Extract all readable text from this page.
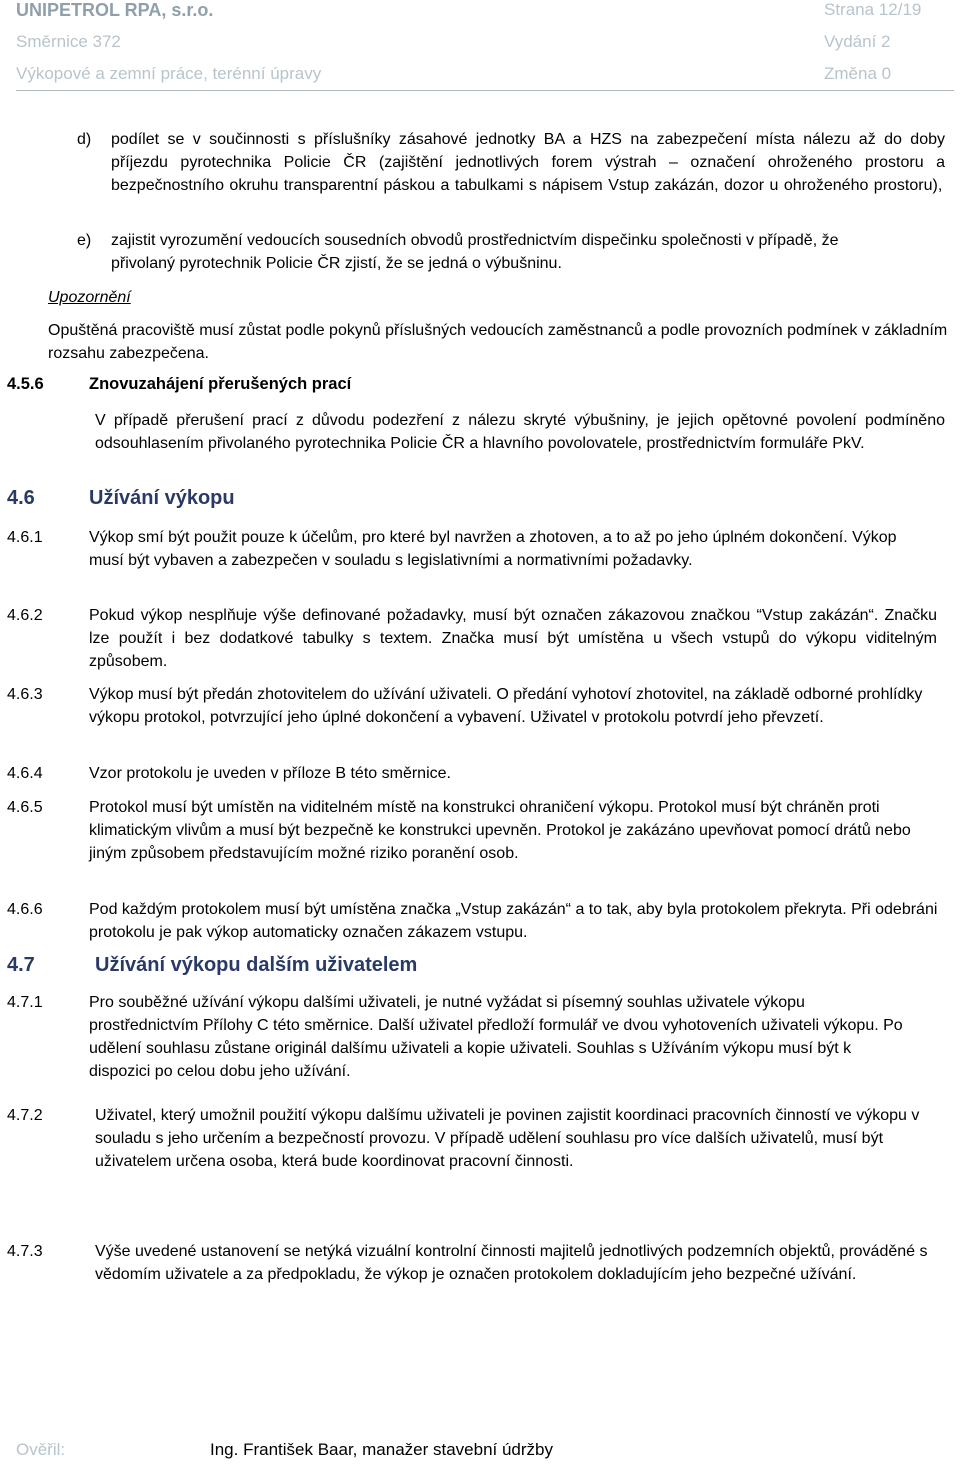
UNIPETROL RPA, s.r.o.	Strana 12/19
Směrnice 372	Vydání 2
Výkopové a zemní práce, terénní úpravy	Změna 0
d) podílet se v součinnosti s příslušníky zásahové jednotky BA a HZS na zabezpečení místa nálezu až do doby příjezdu pyrotechnika Policie ČR (zajištění jednotlivých forem výstrah – označení ohroženého prostoru a bezpečnostního okruhu transparentní páskou a tabulkami s nápisem Vstup zakázán, dozor u ohroženého prostoru),
e) zajistit vyrozumění vedoucích sousedních obvodů prostřednictvím dispečinku společnosti v případě, že přivolaný pyrotechnik Policie ČR zjistí, že se jedná o výbušninu.
Upozornění
Opuštěná pracoviště musí zůstat podle pokynů příslušných vedoucích zaměstnanců a podle provozních podmínek v základním rozsahu zabezpečena.
4.5.6	Znovuzahájení přerušených prací
V případě přerušení prací z důvodu podezření z nálezu skryté výbušniny, je jejich opětovné povolení podmíněno odsouhlasením přivolaného pyrotechnika Policie ČR a hlavního povolovatele, prostřednictvím formuláře PkV.
4.6	Užívání výkopu
4.6.1	Výkop smí být použit pouze k účelům, pro které byl navržen a zhotoven, a to až po jeho úplném dokončení. Výkop musí být vybaven a zabezpečen v souladu s legislativními a normativními požadavky.
4.6.2	Pokud výkop nesplňuje výše definované požadavky, musí být označen zákazovou značkou “Vstup zakázán“. Značku lze použít i bez dodatkové tabulky s textem. Značka musí být umístěna u všech vstupů do výkopu viditelným způsobem.
4.6.3	Výkop musí být předán zhotovitelem do užívání uživateli. O předání vyhotoví zhotovitel, na základě odborné prohlídky výkopu protokol, potvrzující jeho úplné dokončení a vybavení. Uživatel v protokolu potvrdí jeho převzetí.
4.6.4	Vzor protokolu je uveden v příloze B této směrnice.
4.6.5	Protokol musí být umístěn na viditelném místě na konstrukci ohraničení výkopu. Protokol musí být chráněn proti klimatickým vlivům a musí být bezpečně ke konstrukci upevněn. Protokol je zakázáno upevňovat pomocí drátů nebo jiným způsobem představujícím možné riziko poranění osob.
4.6.6	Pod každým protokolem musí být umístěna značka „Vstup zakázán“ a to tak, aby byla protokolem překryta. Při odebráni protokolu je pak výkop automaticky označen zákazem vstupu.
4.7	Užívání výkopu dalším uživatelem
4.7.1	Pro souběžné užívání výkopu dalšími uživateli, je nutné vyžádat si písemný souhlas uživatele výkopu prostřednictvím Přílohy C této směrnice. Další uživatel předloží formulář ve dvou vyhotoveních uživateli výkopu. Po udělení souhlasu zůstane originál dalšímu uživateli a kopie uživateli. Souhlas s Užíváním výkopu musí být k dispozici po celou dobu jeho užívání.
4.7.2	Uživatel, který umožnil použití výkopu dalšímu uživateli je povinen zajistit koordinaci pracovních činností ve výkopu v souladu s jeho určením a bezpečností provozu. V případě udělení souhlasu pro více dalších uživatelů, musí být uživatelem určena osoba, která bude koordinovat pracovní činnosti.
4.7.3	Výše uvedené ustanovení se netýká vizuální kontrolní činnosti majitelů jednotlivých podzemních objektů, prováděné s vědomím uživatele a za předpokladu, že výkop je označen protokolem dokladujícím jeho bezpečné užívání.
Ověřil:	Ing. František Baar, manažer stavební údržby
